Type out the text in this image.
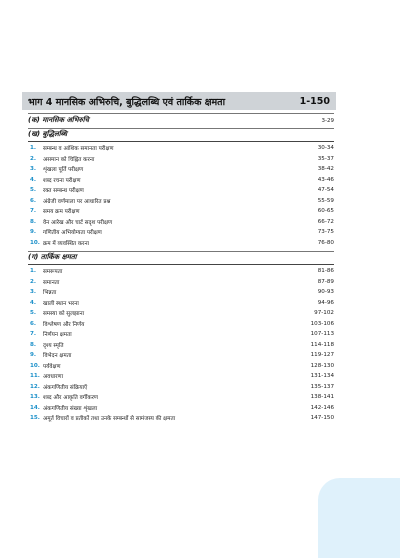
भाग 4 मानसिक अभिरुचि, बुद्धिलब्धि एवं तार्किक क्षमता	1-150
(क) मानसिक अभिरुचि	3-29
(ख) बुद्धिलब्धि
1.	सम्बन्ध व आंशिक समानता परीक्षण	30-34
2.	असमान को चिह्नित करना	35-37
3.	शृंखला पूर्ति परीक्षण	38-42
4.	शब्द रचना परीक्षण	43-46
5.	रक्त सम्बन्ध परीक्षण	47-54
6.	अंग्रेजी वर्णमाला पर आधारित प्रश्न	55-59
7.	समय क्रम परीक्षण	60-65
8.	वेन आरेख और चार्ट सदृश परीक्षण	66-72
9.	गणितीय अभियोग्यता परीक्षण	73-75
10. क्रम में व्यवस्थित करना	76-80
(ग) तार्किक क्षमता
1.	समरूपता	81-86
2.	समानता	87-89
3.	भिन्नता	90-93
4.	खाली स्थान भरना	94-96
5.	समस्या को सुलझाना	97-102
6.	विश्लेषण और निर्णय	103-106
7.	निर्णयन क्षमता	107-113
8.	दृश्य स्मृति	114-118
9.	विभेदन क्षमता	119-127
10. पर्यवेक्षण	128-130
11. अवधारणा	131-134
12. अंकगणितीय संक्रियाएँ	135-137
13. शब्द और आकृति वर्गीकरण	138-141
14. अंकगणितीय संख्या शृंखला	142-146
15. अमूर्त विचारों व प्रतीकों तथा उनके सम्बन्धों से सामंजस्य की क्षमता	147-150
